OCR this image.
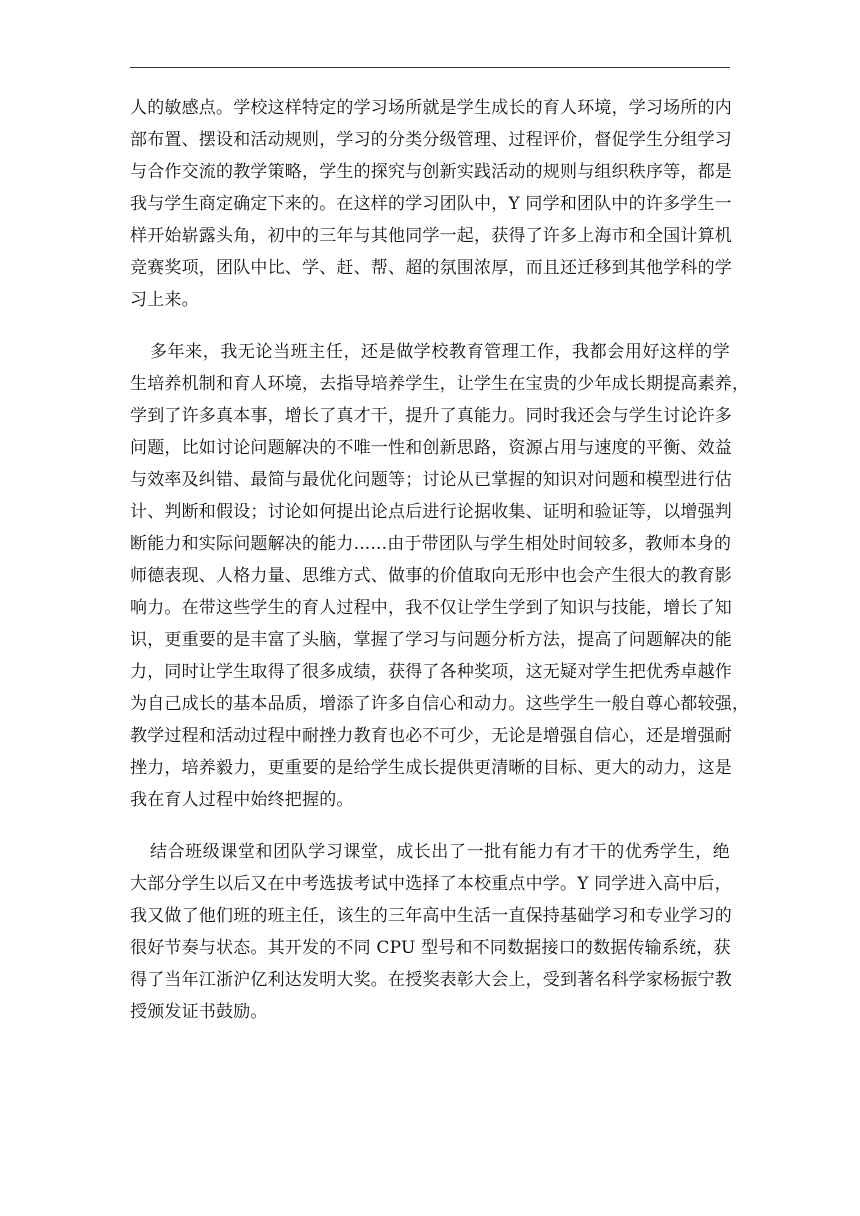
人的敏感点。学校这样特定的学习场所就是学生成长的育人环境，学习场所的内
部布置、摆设和活动规则，学习的分类分级管理、过程评价，督促学生分组学习
与合作交流的教学策略，学生的探究与创新实践活动的规则与组织秩序等，都是
我与学生商定确定下来的。在这样的学习团队中，Y 同学和团队中的许多学生一
样开始崭露头角，初中的三年与其他同学一起，获得了许多上海市和全国计算机
竞赛奖项，团队中比、学、赶、帮、超的氛围浓厚，而且还迁移到其他学科的学
习上来。
多年来，我无论当班主任，还是做学校教育管理工作，我都会用好这样的学
生培养机制和育人环境，去指导培养学生，让学生在宝贵的少年成长期提高素养，
学到了许多真本事，增长了真才干，提升了真能力。同时我还会与学生讨论许多
问题，比如讨论问题解决的不唯一性和创新思路，资源占用与速度的平衡、效益
与效率及纠错、最简与最优化问题等；讨论从已掌握的知识对问题和模型进行估
计、判断和假设；讨论如何提出论点后进行论据收集、证明和验证等，以增强判
断能力和实际问题解决的能力......由于带团队与学生相处时间较多，教师本身的
师德表现、人格力量、思维方式、做事的价值取向无形中也会产生很大的教育影
响力。在带这些学生的育人过程中，我不仅让学生学到了知识与技能，增长了知
识，更重要的是丰富了头脑，掌握了学习与问题分析方法，提高了问题解决的能
力，同时让学生取得了很多成绩，获得了各种奖项，这无疑对学生把优秀卓越作
为自己成长的基本品质，增添了许多自信心和动力。这些学生一般自尊心都较强，
教学过程和活动过程中耐挫力教育也必不可少，无论是增强自信心，还是增强耐
挫力，培养毅力，更重要的是给学生成长提供更清晰的目标、更大的动力，这是
我在育人过程中始终把握的。
结合班级课堂和团队学习课堂，成长出了一批有能力有才干的优秀学生，绝
大部分学生以后又在中考选拔考试中选择了本校重点中学。Y 同学进入高中后，
我又做了他们班的班主任，该生的三年高中生活一直保持基础学习和专业学习的
很好节奏与状态。其开发的不同 CPU 型号和不同数据接口的数据传输系统，获
得了当年江浙沪亿利达发明大奖。在授奖表彰大会上，受到著名科学家杨振宁教
授颁发证书鼓励。
